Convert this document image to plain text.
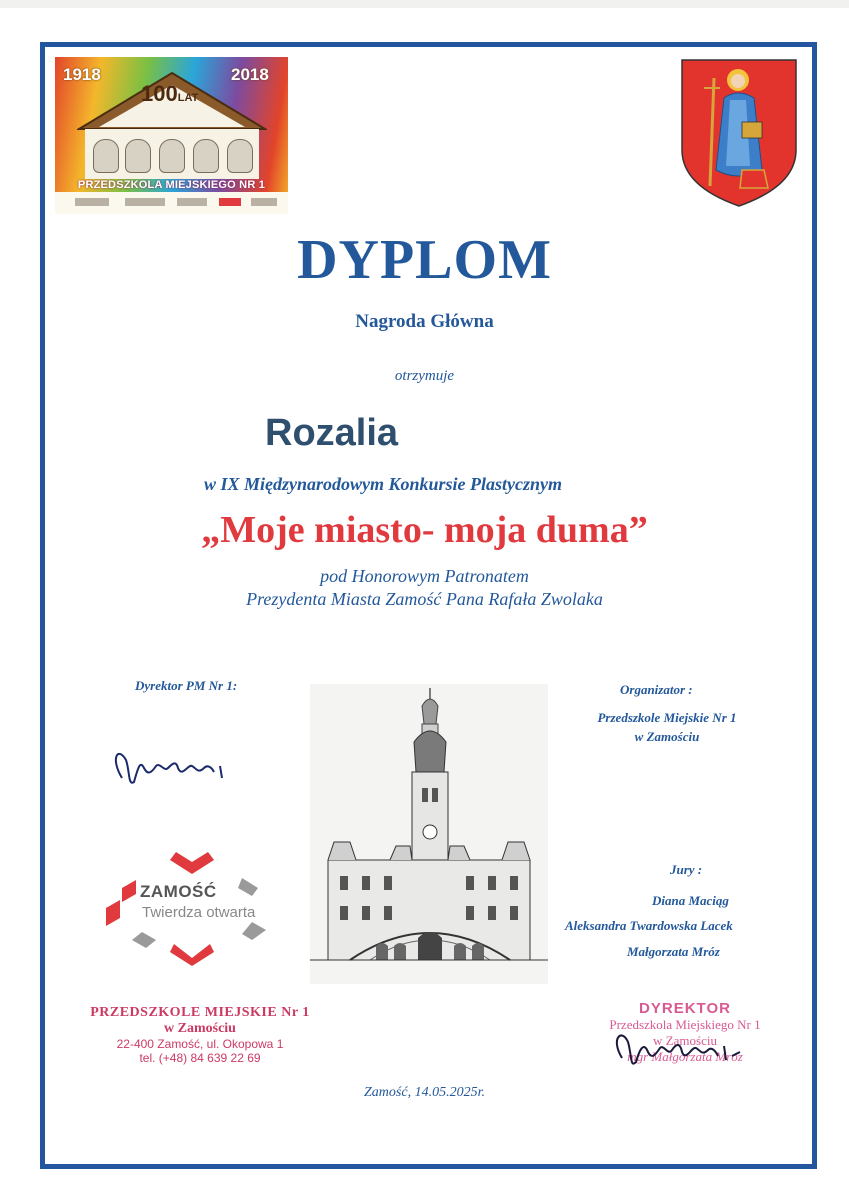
1918	2018
100LAT
PRZEDSZKOLA MIEJSKIEGO NR 1
DYPLOM
Nagroda Główna
otrzymuje
Rozalia
w IX Międzynarodowym Konkursie Plastycznym
„Moje miasto- moja duma”
pod Honorowym Patronatem
Prezydenta Miasta Zamość Pana Rafała Zwolaka
Dyrektor PM Nr 1:	Organizator :
Przedszkole Miejskie Nr 1
w Zamościu
Jury :
Diana Maciąg
Aleksandra Twardowska Lacek
Małgorzata Mróz
ZAMOŚĆ
Twierdza otwarta
PRZEDSZKOLE MIEJSKIE Nr 1
w Zamościu
22-400 Zamość, ul. Okopowa 1
tel. (+48) 84 639 22 69
DYREKTOR
Przedszkola Miejskiego Nr 1
w Zamościu
mgr Małgorzata Mróz
Zamość, 14.05.2025r.
